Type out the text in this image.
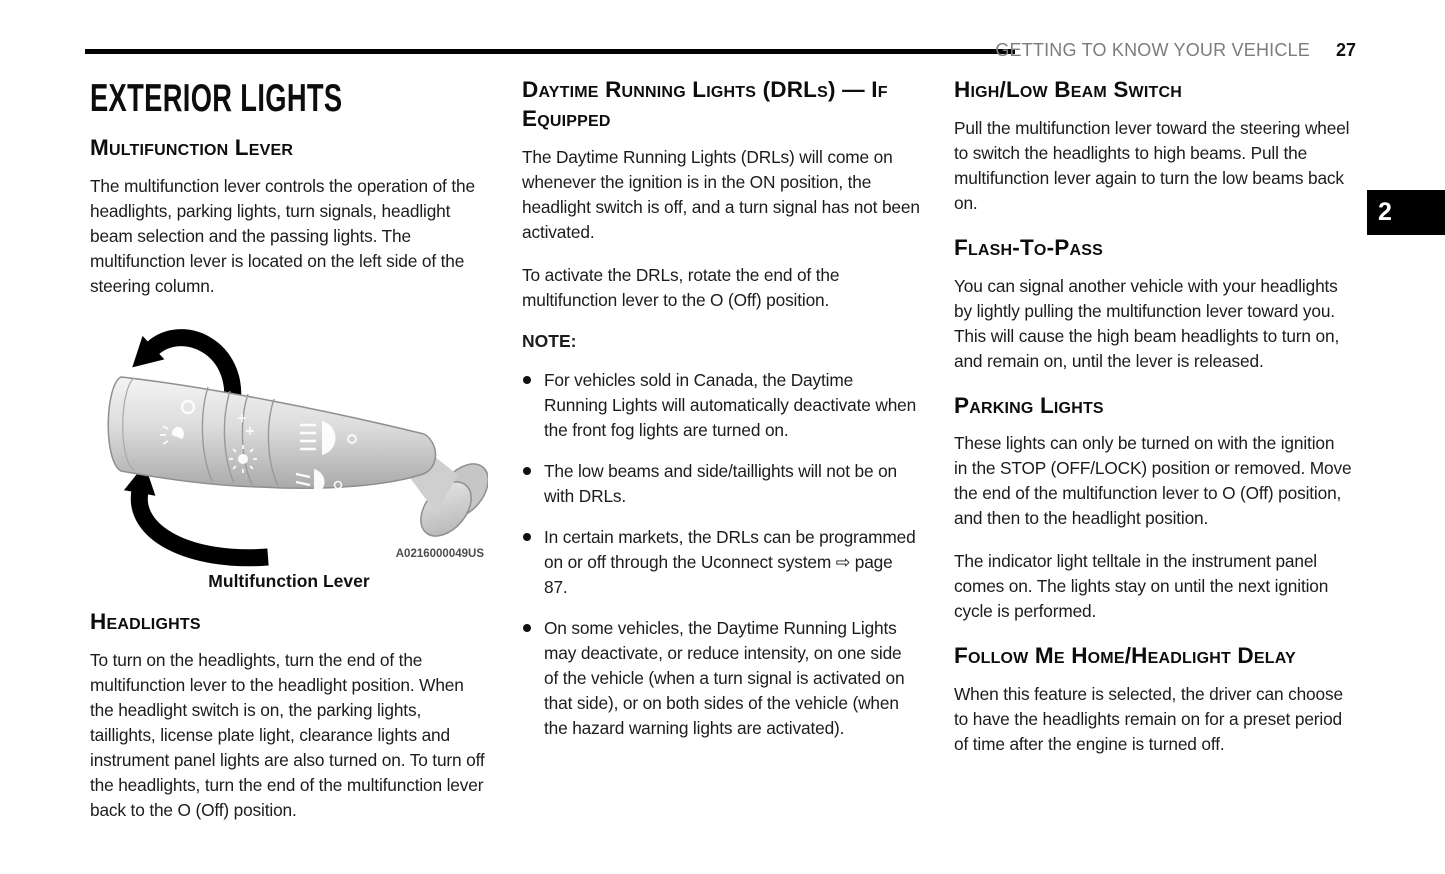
GETTING TO KNOW YOUR VEHICLE 27
2
EXTERIOR LIGHTS
Multifunction Lever

The multifunction lever controls the operation of the headlights, parking lights, turn signals, headlight beam selection and the passing lights. The multifunction lever is located on the left side of the steering column.

A0216000049US
Multifunction Lever
Headlights

To turn on the headlights, turn the end of the multifunction lever to the headlight position. When the headlight switch is on, the parking lights, taillights, license plate light, clearance lights and instrument panel lights are also turned on. To turn off the headlights, turn the end of the multifunction lever back to the O (Off) position.

Daytime Running Lights (DRLs) — If Equipped

The Daytime Running Lights (DRLs) will come on whenever the ignition is in the ON position, the headlight switch is off, and a turn signal has not been activated.

To activate the DRLs, rotate the end of the multifunction lever to the O (Off) position.

NOTE:
For vehicles sold in Canada, the Daytime Running Lights will automatically deactivate when the front fog lights are turned on.
The low beams and side/taillights will not be on with DRLs.
In certain markets, the DRLs can be programmed on or off through the Uconnect system ⇨ page 87.
On some vehicles, the Daytime Running Lights may deactivate, or reduce intensity, on one side of the vehicle (when a turn signal is activated on that side), or on both sides of the vehicle (when the hazard warning lights are activated).
High/Low Beam Switch

Pull the multifunction lever toward the steering wheel to switch the headlights to high beams. Pull the multifunction lever again to turn the low beams back on.

Flash-To-Pass

You can signal another vehicle with your headlights by lightly pulling the multifunction lever toward you. This will cause the high beam headlights to turn on, and remain on, until the lever is released.

Parking Lights

These lights can only be turned on with the ignition in the STOP (OFF/LOCK) position or removed. Move the end of the multifunction lever to O (Off) position, and then to the headlight position.

The indicator light telltale in the instrument panel comes on. The lights stay on until the next ignition cycle is performed.

Follow Me Home/Headlight Delay

When this feature is selected, the driver can choose to have the headlights remain on for a preset period of time after the engine is turned off.
